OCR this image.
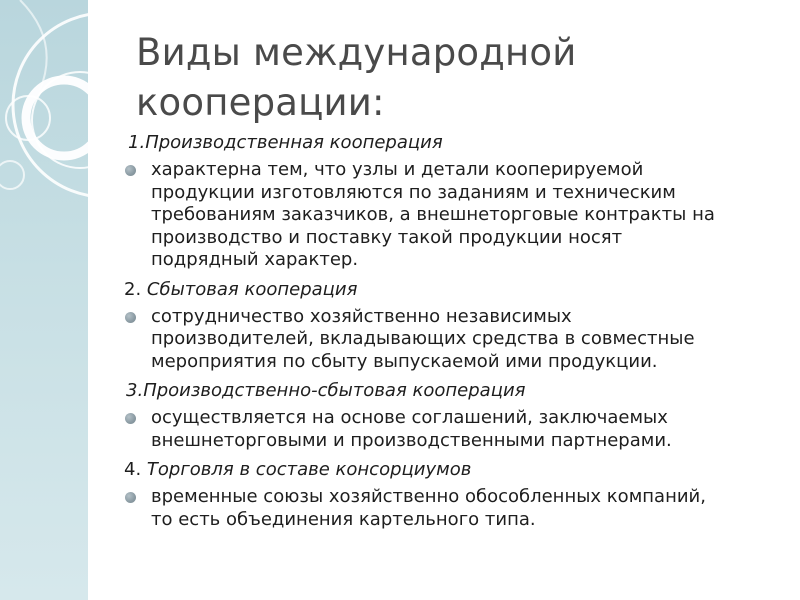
Виды международной
кооперации:
1.Производственная кооперация
характерна тем, что узлы и детали кооперируемой
продукции изготовляются по заданиям и техническим
требованиям заказчиков, а внешнеторговые контракты на
производство и поставку такой продукции носят
подрядный характер.
2. Сбытовая кооперация
сотрудничество хозяйственно независимых
производителей, вкладывающих средства в совместные
мероприятия по сбыту выпускаемой ими продукции.
3.Производственно-сбытовая кооперация
осуществляется на основе соглашений, заключаемых
внешнеторговыми и производственными партнерами.
4. Торговля в составе консорциумов
временные союзы хозяйственно обособленных компаний,
то есть объединения картельного типа.
